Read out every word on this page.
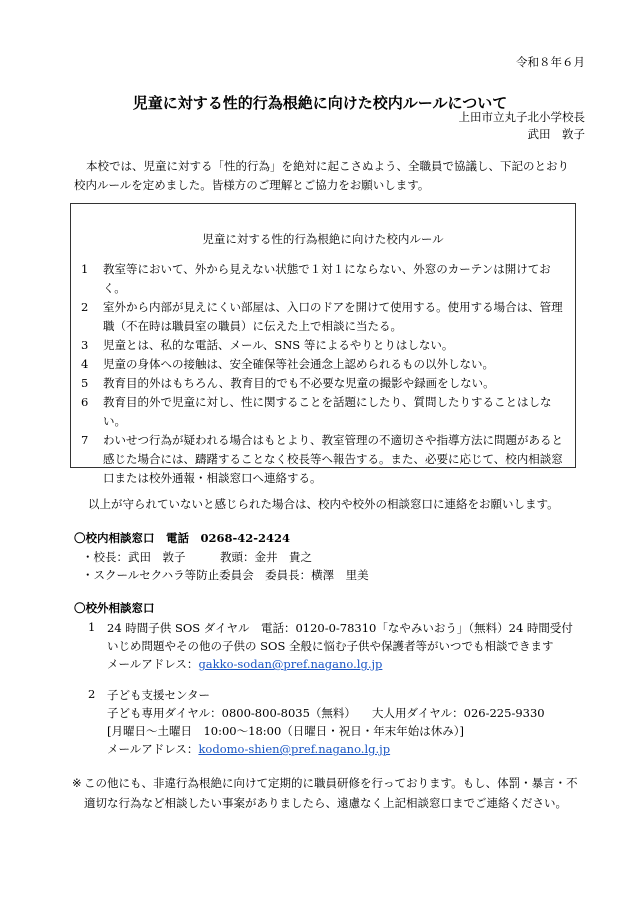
令和８年６月
児童に対する性的行為根絶に向けた校内ルールについて
上田市立丸子北小学校長
武田　敦子

本校では、児童に対する「性的行為」を絶対に起こさぬよう、全職員で協議し、下記のとおり校内ルールを定めました。皆様方のご理解とご協力をお願いします。

児童に対する性的行為根絶に向けた校内ルール
1	教室等において、外から見えない状態で１対１にならない、外窓のカーテンは開けておく。
2	室外から内部が見えにくい部屋は、入口のドアを開けて使用する。使用する場合は、管理職（不在時は職員室の職員）に伝えた上で相談に当たる。
3	児童とは、私的な電話、メール、SNS 等によるやりとりはしない。
4	児童の身体への接触は、安全確保等社会通念上認められるもの以外しない。
5	教育目的外はもちろん、教育目的でも不必要な児童の撮影や録画をしない。
6	教育目的外で児童に対し、性に関することを話題にしたり、質問したりすることはしない。
7	わいせつ行為が疑われる場合はもとより、教室管理の不適切さや指導方法に問題があると感じた場合には、躊躇することなく校長等へ報告する。また、必要に応じて、校内相談窓口または校外通報・相談窓口へ連絡する。
以上が守られていないと感じられた場合は、校内や校外の相談窓口に連絡をお願いします。
〇校内相談窓口　電話　0268-42-2424
・校長：武田　敦子　　　教頭：金井　貴之
・スクールセクハラ等防止委員会　委員長：横澤　里美
〇校外相談窓口
1 24 時間子供 SOS ダイヤル　電話：0120-0-78310「なやみいおう」（無料）24 時間受付
いじめ問題やその他の子供の SOS 全般に悩む子供や保護者等がいつでも相談できます
メールアドレス：gakko-sodan@pref.nagano.lg.jp
2 子ども支援センター
子ども専用ダイヤル：0800-800-8035（無料） 大人用ダイヤル：026-225-9330
[月曜日～土曜日　10:00～18:00（日曜日・祝日・年末年始は休み）]
メールアドレス：kodomo-shien@pref.nagano.lg.jp
※ この他にも、非違行為根絶に向けて定期的に職員研修を行っております。もし、体罰・暴言・不適切な行為など相談したい事案がありましたら、遠慮なく上記相談窓口までご連絡ください。
